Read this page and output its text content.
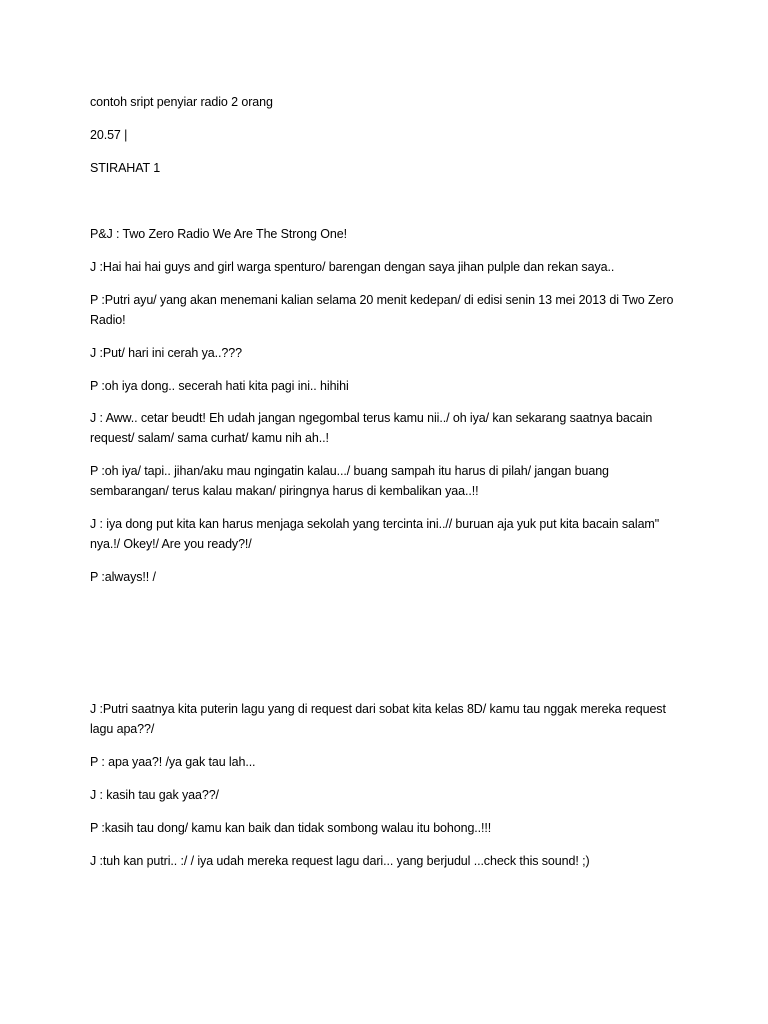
contoh sript penyiar radio 2 orang
20.57 |
STIRAHAT 1
P&J : Two Zero Radio We Are The Strong One!
J :Hai hai hai guys and girl warga spenturo/ barengan dengan saya jihan pulple dan rekan saya..
P :Putri ayu/ yang akan menemani kalian selama 20 menit kedepan/ di edisi senin 13 mei 2013 di Two Zero Radio!
J :Put/ hari ini cerah ya..???
P :oh iya dong.. secerah hati kita pagi ini.. hihihi
J : Aww.. cetar beudt! Eh udah jangan ngegombal terus kamu nii../ oh iya/ kan sekarang saatnya bacain request/ salam/ sama curhat/ kamu nih ah..!
P :oh iya/ tapi.. jihan/aku mau ngingatin kalau.../ buang sampah itu harus di pilah/ jangan buang sembarangan/ terus kalau makan/ piringnya harus di kembalikan yaa..!!
J : iya dong put kita kan harus menjaga sekolah yang tercinta ini..// buruan aja yuk put kita bacain salam" nya.!/ Okey!/ Are you ready?!/
P :always!! /
J :Putri saatnya kita puterin lagu yang di request dari sobat kita kelas 8D/ kamu tau nggak mereka request lagu apa??/
P : apa yaa?! /ya gak tau lah...
J : kasih tau gak yaa??/
P :kasih tau dong/ kamu kan baik dan tidak sombong walau itu bohong..!!!
J :tuh kan putri.. :/ / iya udah mereka request lagu dari... yang berjudul ...check this sound! ;)
